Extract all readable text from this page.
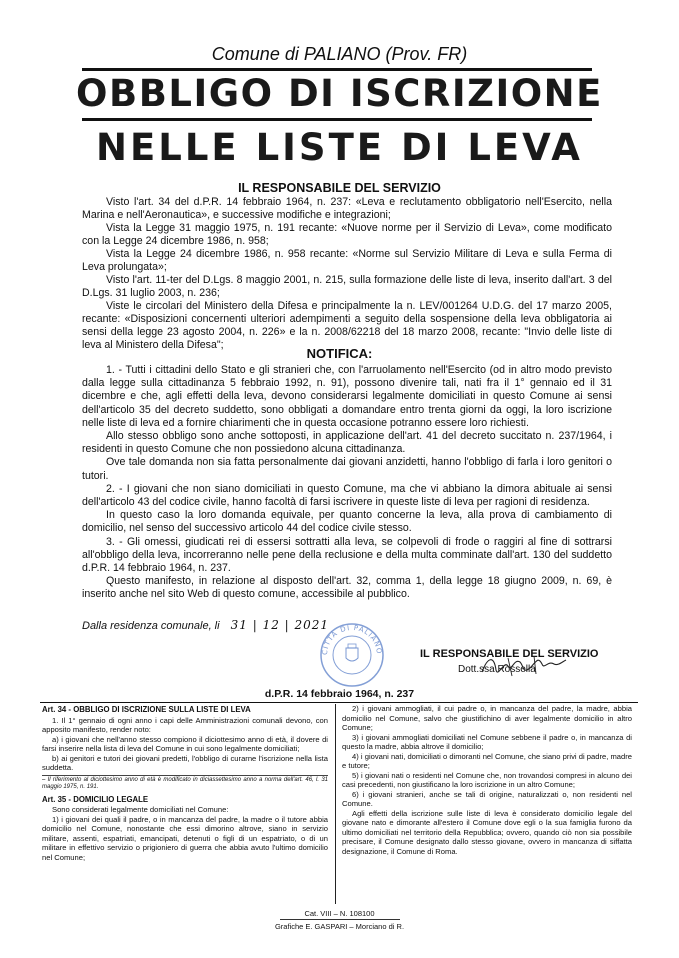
Comune di PALIANO (Prov. FR)
OBBLIGO DI ISCRIZIONE
NELLE LISTE DI LEVA
IL RESPONSABILE DEL SERVIZIO

Visto l'art. 34 del d.P.R. 14 febbraio 1964, n. 237: «Leva e reclutamento obbligatorio nell'Esercito, nella Marina e nell'Aeronautica», e successive modifiche e integrazioni;

Vista la Legge 31 maggio 1975, n. 191 recante: «Nuove norme per il Servizio di Leva», come modificato con la Legge 24 dicembre 1986, n. 958;

Vista la Legge 24 dicembre 1986, n. 958 recante: «Norme sul Servizio Militare di Leva e sulla Ferma di Leva prolungata»;

Visto l'art. 11-ter del D.Lgs. 8 maggio 2001, n. 215, sulla formazione delle liste di leva, inserito dall'art. 3 del D.Lgs. 31 luglio 2003, n. 236;

Viste le circolari del Ministero della Difesa e principalmente la n. LEV/001264 U.D.G. del 17 marzo 2005, recante: «Disposizioni concernenti ulteriori adempimenti a seguito della sospensione della leva obbligatoria ai sensi della legge 23 agosto 2004, n. 226» e la n. 2008/62218 del 18 marzo 2008, recante: "Invio delle liste di leva al Ministero della Difesa";

NOTIFICA:

1. - Tutti i cittadini dello Stato e gli stranieri che, con l'arruolamento nell'Esercito (od in altro modo previsto dalla legge sulla cittadinanza 5 febbraio 1992, n. 91), possono divenire tali, nati fra il 1° gennaio ed il 31 dicembre e che, agli effetti della leva, devono considerarsi legalmente domiciliati in questo Comune ai sensi dell'articolo 35 del decreto suddetto, sono obbligati a domandare entro trenta giorni da oggi, la loro iscrizione nelle liste di leva ed a fornire chiarimenti che in questa occasione potranno essere loro richiesti.

Allo stesso obbligo sono anche sottoposti, in applicazione dell'art. 41 del decreto succitato n. 237/1964, i residenti in questo Comune che non possiedono alcuna cittadinanza.

Ove tale domanda non sia fatta personalmente dai giovani anzidetti, hanno l'obbligo di farla i loro genitori o tutori.

2. - I giovani che non siano domiciliati in questo Comune, ma che vi abbiano la dimora abituale ai sensi dell'articolo 43 del codice civile, hanno facoltà di farsi iscrivere in queste liste di leva per ragioni di residenza.

In questo caso la loro domanda equivale, per quanto concerne la leva, alla prova di cambiamento di domicilio, nel senso del successivo articolo 44 del codice civile stesso.

3. - Gli omessi, giudicati rei di essersi sottratti alla leva, se colpevoli di frode o raggiri al fine di sottrarsi all'obbligo della leva, incorreranno nelle pene della reclusione e della multa comminate dall'art. 130 del suddetto d.P.R. 14 febbraio 1964, n. 237.

Questo manifesto, in relazione al disposto dell'art. 32, comma 1, della legge 18 giugno 2009, n. 69, è inserito anche nel sito Web di questo comune, accessibile al pubblico.

Dalla residenza comunale, li 31 | 12 | 2021
CITTÀ DI PALIANO	IL RESPONSABILE DEL SERVIZIO
Dott.ssa Rossella
d.P.R. 14 febbraio 1964, n. 237
Art. 34 - OBBLIGO DI ISCRIZIONE SULLA LISTE DI LEVA

1. Il 1° gennaio di ogni anno i capi delle Amministrazioni comunali devono, con apposito manifesto, render noto:

a) i giovani che nell'anno stesso compiono il diciottesimo anno di età, il dovere di farsi inserire nella lista di leva del Comune in cui sono legalmente domiciliati;

b) ai genitori e tutori dei giovani predetti, l'obbligo di curarne l'iscrizione nella lista suddetta.

– Il riferimento al diciottesimo anno di età è modificato in diciassettesimo anno a norma dell'art. 46, l. 31 maggio 1975, n. 191.
Art. 35 - DOMICILIO LEGALE

Sono considerati legalmente domiciliati nel Comune:

1) i giovani dei quali il padre, o in mancanza del padre, la madre o il tutore abbia domicilio nel Comune, nonostante che essi dimorino altrove, siano in servizio militare, assenti, espatriati, emancipati, detenuti o figli di un espatriato, o di un militare in effettivo servizio o prigioniero di guerra che abbia avuto l'ultimo domicilio nel Comune;

2) i giovani ammogliati, il cui padre o, in mancanza del padre, la madre, abbia domicilio nel Comune, salvo che giustifichino di aver legalmente domicilio in altro Comune;

3) i giovani ammogliati domiciliati nel Comune sebbene il padre o, in mancanza di questo la madre, abbia altrove il domicilio;

4) i giovani nati, domiciliati o dimoranti nel Comune, che siano privi di padre, madre e tutore;

5) i giovani nati o residenti nel Comune che, non trovandosi compresi in alcuno dei casi precedenti, non giustificano la loro iscrizione in un altro Comune;

6) i giovani stranieri, anche se tali di origine, naturalizzati o, non residenti nel Comune.

Agli effetti della iscrizione sulle liste di leva è considerato domicilio legale del giovane nato e dimorante all'estero il Comune dove egli o la sua famiglia furono da ultimo domiciliati nel territorio della Repubblica; ovvero, quando ciò non sia possibile precisare, il Comune designato dallo stesso giovane, ovvero in mancanza di siffatta designazione, il Comune di Roma.

Cat. VIII – N. 108100
Grafiche E. GASPARI – Morciano di R.
